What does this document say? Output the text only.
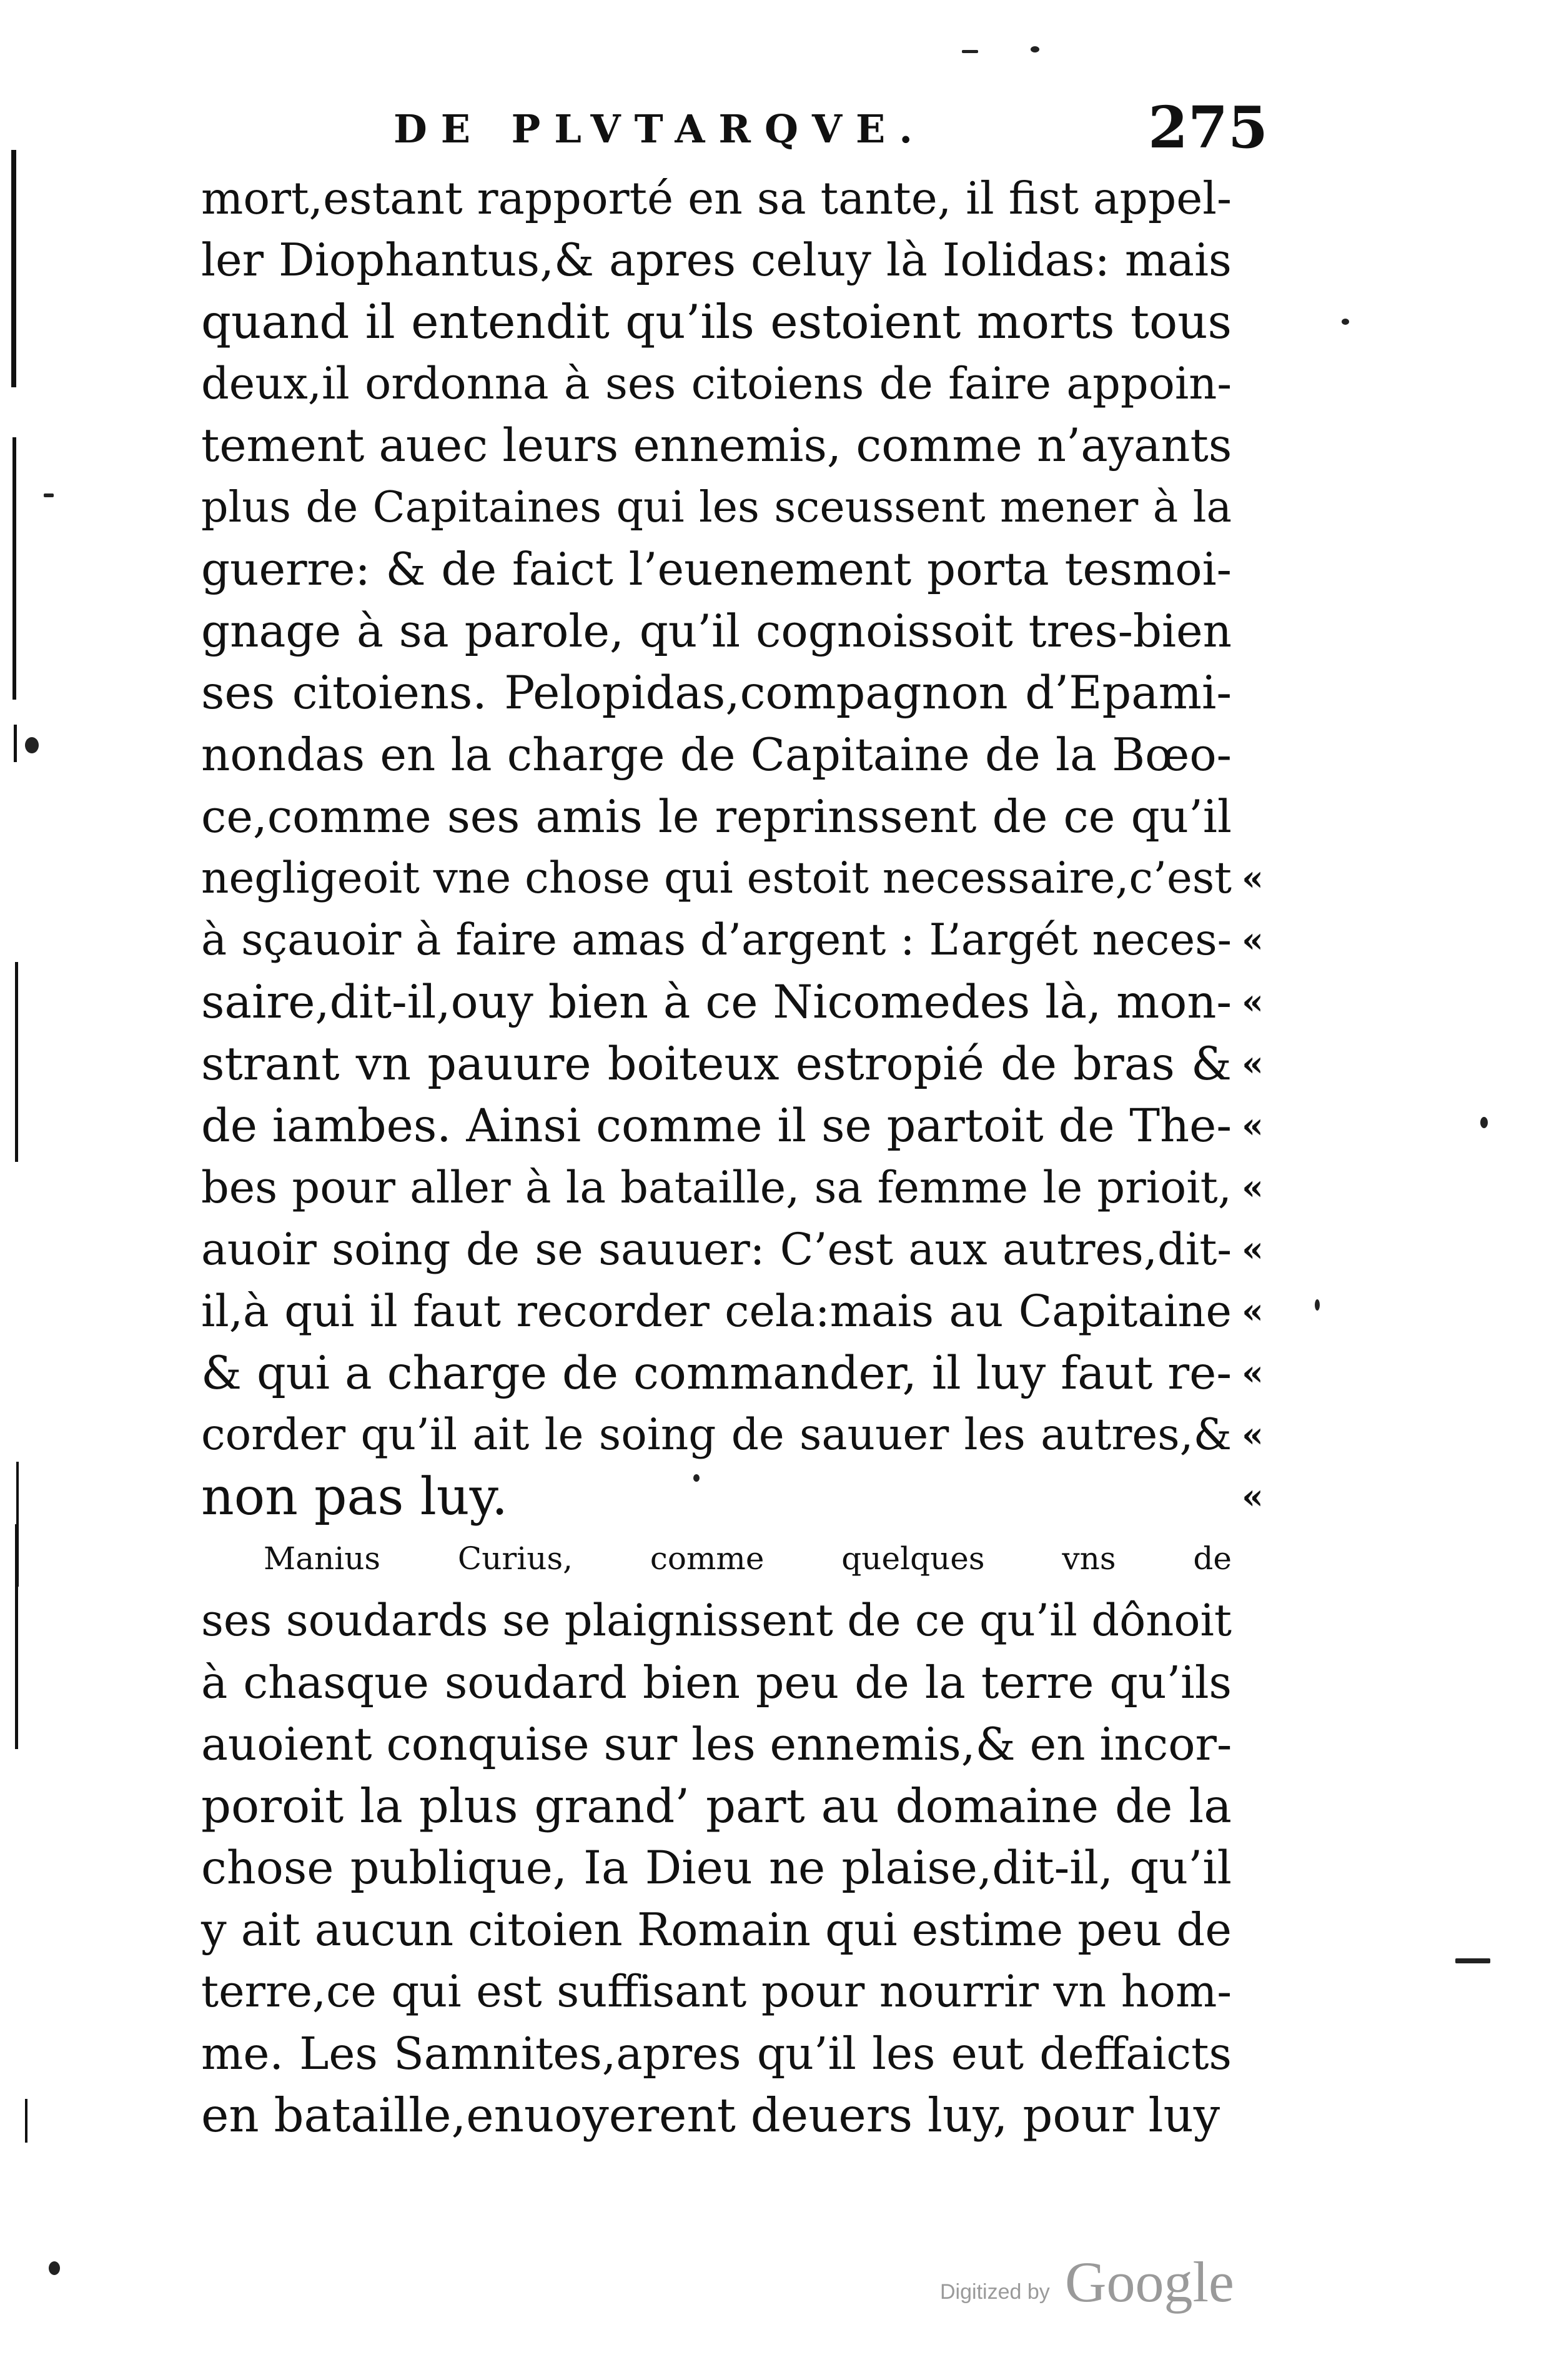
DE PLVTARQVE.	275
mort,estant rapporté en sa tante, il fist appel-
ler Diophantus,& apres celuy là Iolidas: mais
quand il entendit qu’ils estoient morts tous
deux,il ordonna à ses citoiens de faire appoin-
tement auec leurs ennemis, comme n’ayants
plus de Capitaines qui les sceussent mener à la
guerre: & de faict l’euenement porta tesmoi-
gnage à sa parole, qu’il cognoissoit tres-bien
ses citoiens. Pelopidas,compagnon d’Epami-
nondas en la charge de Capitaine de la Bœo-
ce,comme ses amis le reprinssent de ce qu’il
negligeoit vne chose qui estoit necessaire,c’est
à sçauoir à faire amas d’argent : L’argét neces-
saire,dit-il,ouy bien à ce Nicomedes là, mon-
strant vn pauure boiteux estropié de bras &
de iambes. Ainsi comme il se partoit de The-
bes pour aller à la bataille, sa femme le prioit,
auoir soing de se sauuer: C’est aux autres,dit-
il,à qui il faut recorder cela:mais au Capitaine
& qui a charge de commander, il luy faut re-
corder qu’il ait le soing de sauuer les autres,&
non pas luy.
Manius Curius, comme quelques vns de
ses soudards se plaignissent de ce qu’il dônoit
à chasque soudard bien peu de la terre qu’ils
auoient conquise sur les ennemis,& en incor-
poroit la plus grand’ part au domaine de la
chose publique, Ia Dieu ne plaise,dit-il, qu’il
y ait aucun citoien Romain qui estime peu de
terre,ce qui est suffisant pour nourrir vn hom-
me. Les Samnites,apres qu’il les eut deffaicts
en bataille,enuoyerent deuers luy, pour luy
«
«
«
«
«
«
«
«
«
«
«
Digitized by Google
